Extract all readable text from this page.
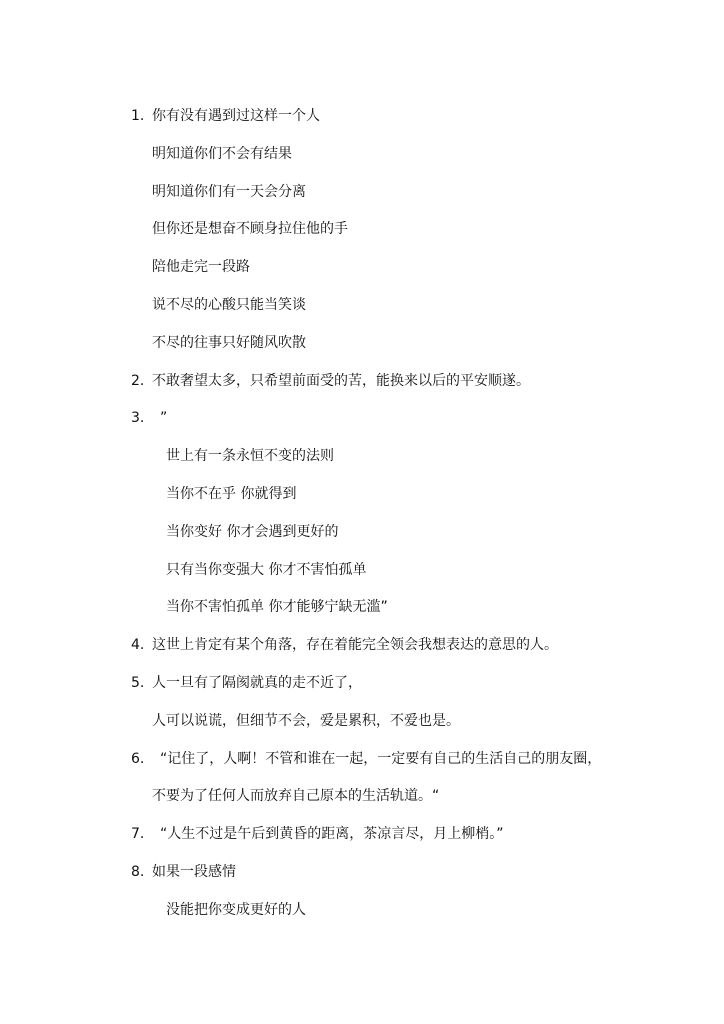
1. 你有没有遇到过这样一个人
明知道你们不会有结果
明知道你们有一天会分离
但你还是想奋不顾身拉住他的手
陪他走完一段路
说不尽的心酸只能当笑谈
不尽的往事只好随风吹散
2. 不敢奢望太多，只希望前面受的苦，能换来以后的平安顺遂。
3. ”
世上有一条永恒不变的法则
当你不在乎 你就得到
当你变好 你才会遇到更好的
只有当你变强大 你才不害怕孤单
当你不害怕孤单 你才能够宁缺无滥”
4. 这世上肯定有某个角落，存在着能完全领会我想表达的意思的人。
5. 人一旦有了隔阂就真的走不近了，
人可以说谎，但细节不会，爱是累积，不爱也是。
6. “记住了，人啊！不管和谁在一起，一定要有自己的生活自己的朋友圈，
不要为了任何人而放弃自己原本的生活轨道。“
7. “人生不过是午后到黄昏的距离，茶凉言尽，月上柳梢。”
8. 如果一段感情
没能把你变成更好的人
